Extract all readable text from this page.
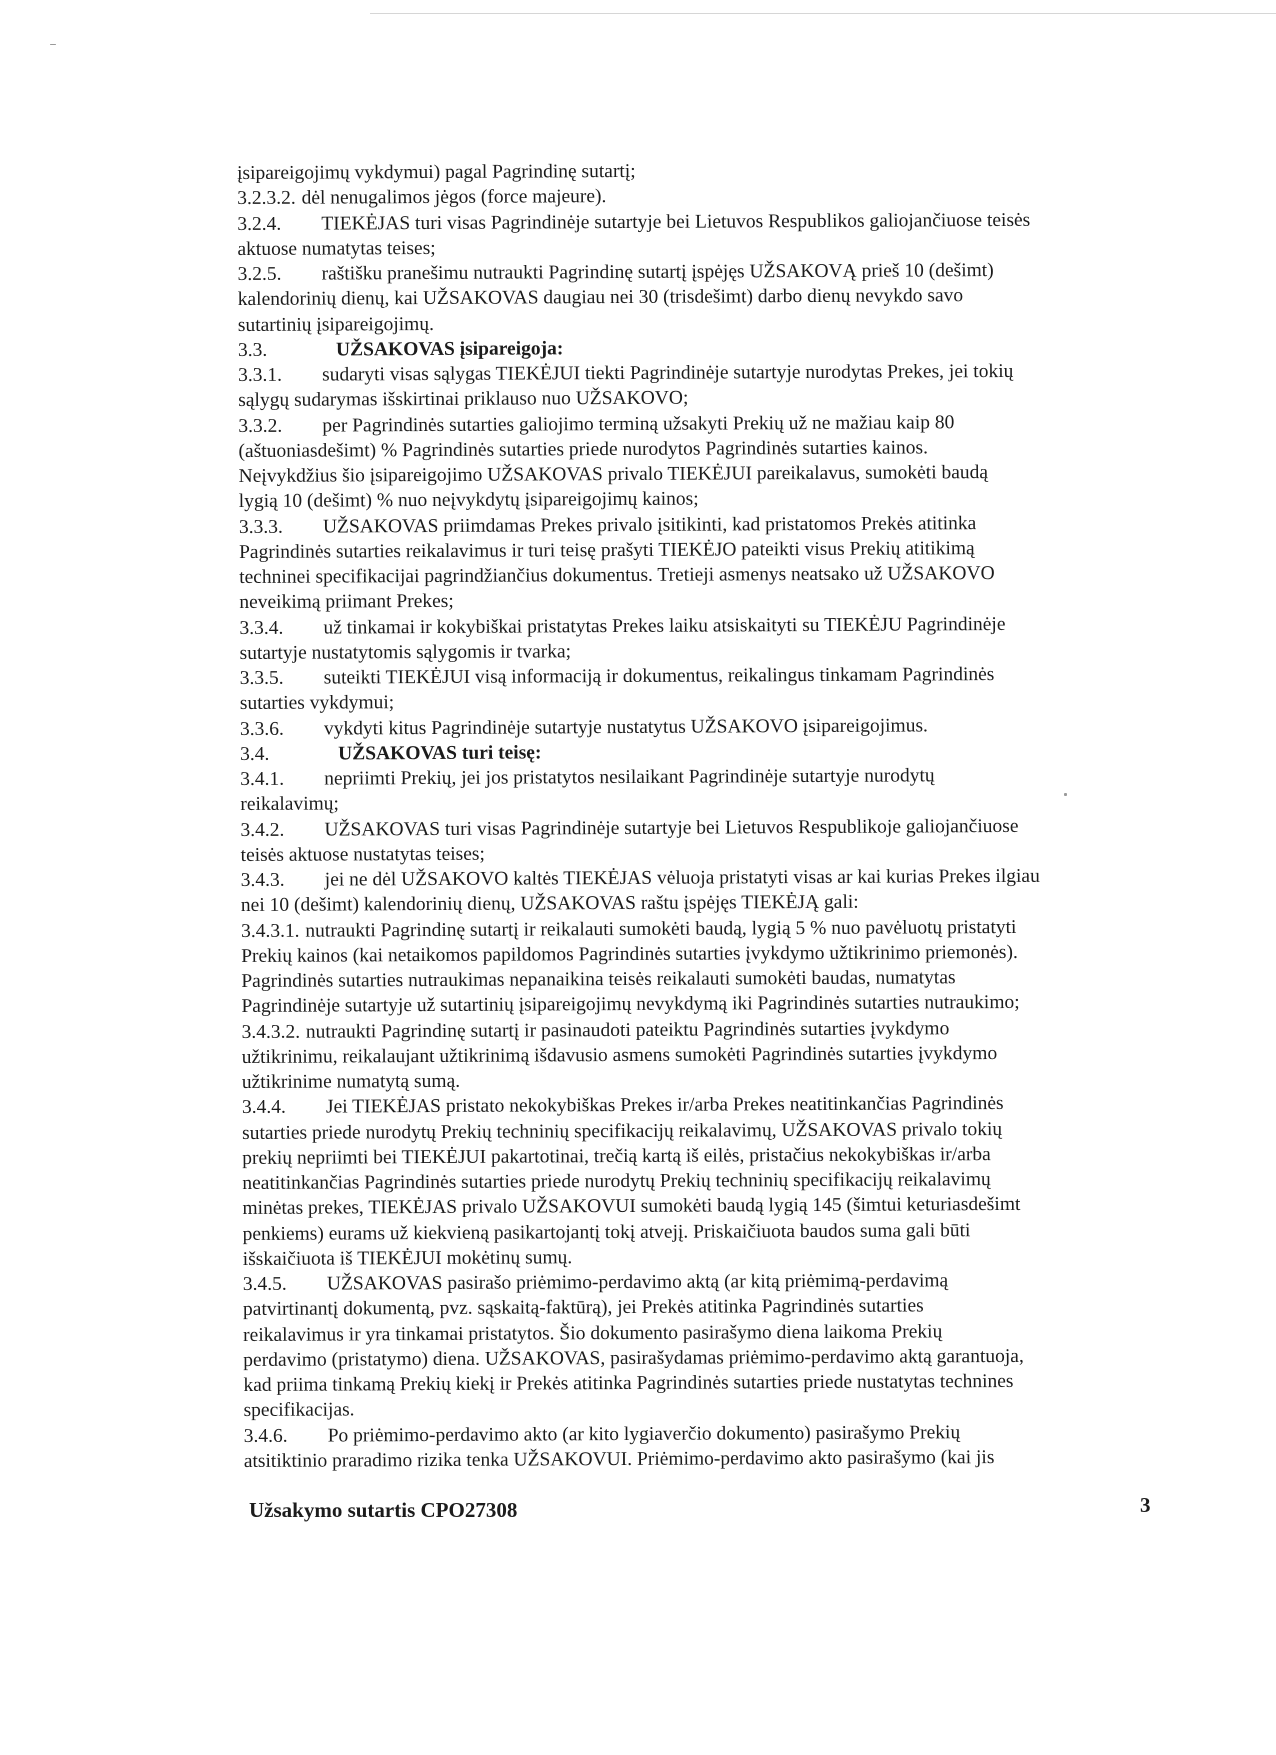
įsipareigojimų vykdymui) pagal Pagrindinę sutartį;
3.2.3.2. dėl nenugalimos jėgos (force majeure).
3.2.4. TIEKĖJAS turi visas Pagrindinėje sutartyje bei Lietuvos Respublikos galiojančiuose teisės
aktuose numatytas teises;
3.2.5. raštišku pranešimu nutraukti Pagrindinę sutartį įspėjęs UŽSAKOVĄ prieš 10 (dešimt)
kalendorinių dienų, kai UŽSAKOVAS daugiau nei 30 (trisdešimt) darbo dienų nevykdo savo
sutartinių įsipareigojimų.
3.3.	UŽSAKOVAS įsipareigoja:
3.3.1. sudaryti visas sąlygas TIEKĖJUI tiekti Pagrindinėje sutartyje nurodytas Prekes, jei tokių
sąlygų sudarymas išskirtinai priklauso nuo UŽSAKOVO;
3.3.2. per Pagrindinės sutarties galiojimo terminą užsakyti Prekių už ne mažiau kaip 80
(aštuoniasdešimt) % Pagrindinės sutarties priede nurodytos Pagrindinės sutarties kainos.
Neįvykdžius šio įsipareigojimo UŽSAKOVAS privalo TIEKĖJUI pareikalavus, sumokėti baudą
lygią 10 (dešimt) % nuo neįvykdytų įsipareigojimų kainos;
3.3.3. UŽSAKOVAS priimdamas Prekes privalo įsitikinti, kad pristatomos Prekės atitinka
Pagrindinės sutarties reikalavimus ir turi teisę prašyti TIEKĖJO pateikti visus Prekių atitikimą
techninei specifikacijai pagrindžiančius dokumentus. Tretieji asmenys neatsako už UŽSAKOVO
neveikimą priimant Prekes;
3.3.4. už tinkamai ir kokybiškai pristatytas Prekes laiku atsiskaityti su TIEKĖJU Pagrindinėje
sutartyje nustatytomis sąlygomis ir tvarka;
3.3.5. suteikti TIEKĖJUI visą informaciją ir dokumentus, reikalingus tinkamam Pagrindinės
sutarties vykdymui;
3.3.6. vykdyti kitus Pagrindinėje sutartyje nustatytus UŽSAKOVO įsipareigojimus.
3.4.	UŽSAKOVAS turi teisę:
3.4.1. nepriimti Prekių, jei jos pristatytos nesilaikant Pagrindinėje sutartyje nurodytų
reikalavimų;
3.4.2. UŽSAKOVAS turi visas Pagrindinėje sutartyje bei Lietuvos Respublikoje galiojančiuose
teisės aktuose nustatytas teises;
3.4.3. jei ne dėl UŽSAKOVO kaltės TIEKĖJAS vėluoja pristatyti visas ar kai kurias Prekes ilgiau
nei 10 (dešimt) kalendorinių dienų, UŽSAKOVAS raštu įspėjęs TIEKĖJĄ gali:
3.4.3.1. nutraukti Pagrindinę sutartį ir reikalauti sumokėti baudą, lygią 5 % nuo pavėluotų pristatyti
Prekių kainos (kai netaikomos papildomos Pagrindinės sutarties įvykdymo užtikrinimo priemonės).
Pagrindinės sutarties nutraukimas nepanaikina teisės reikalauti sumokėti baudas, numatytas
Pagrindinėje sutartyje už sutartinių įsipareigojimų nevykdymą iki Pagrindinės sutarties nutraukimo;
3.4.3.2. nutraukti Pagrindinę sutartį ir pasinaudoti pateiktu Pagrindinės sutarties įvykdymo
užtikrinimu, reikalaujant užtikrinimą išdavusio asmens sumokėti Pagrindinės sutarties įvykdymo
užtikrinime numatytą sumą.
3.4.4. Jei TIEKĖJAS pristato nekokybiškas Prekes ir/arba Prekes neatitinkančias Pagrindinės
sutarties priede nurodytų Prekių techninių specifikacijų reikalavimų, UŽSAKOVAS privalo tokių
prekių nepriimti bei TIEKĖJUI pakartotinai, trečią kartą iš eilės, pristačius nekokybiškas ir/arba
neatitinkančias Pagrindinės sutarties priede nurodytų Prekių techninių specifikacijų reikalavimų
minėtas prekes, TIEKĖJAS privalo UŽSAKOVUI sumokėti baudą lygią 145 (šimtui keturiasdešimt
penkiems) eurams už kiekvieną pasikartojantį tokį atvejį. Priskaičiuota baudos suma gali būti
išskaičiuota iš TIEKĖJUI mokėtinų sumų.
3.4.5. UŽSAKOVAS pasirašo priėmimo-perdavimo aktą (ar kitą priėmimą-perdavimą
patvirtinantį dokumentą, pvz. sąskaitą-faktūrą), jei Prekės atitinka Pagrindinės sutarties
reikalavimus ir yra tinkamai pristatytos. Šio dokumento pasirašymo diena laikoma Prekių
perdavimo (pristatymo) diena. UŽSAKOVAS, pasirašydamas priėmimo-perdavimo aktą garantuoja,
kad priima tinkamą Prekių kiekį ir Prekės atitinka Pagrindinės sutarties priede nustatytas technines
specifikacijas.
3.4.6. Po priėmimo-perdavimo akto (ar kito lygiaverčio dokumento) pasirašymo Prekių
atsitiktinio praradimo rizika tenka UŽSAKOVUI. Priėmimo-perdavimo akto pasirašymo (kai jis
Užsakymo sutartis CPO27308	3
